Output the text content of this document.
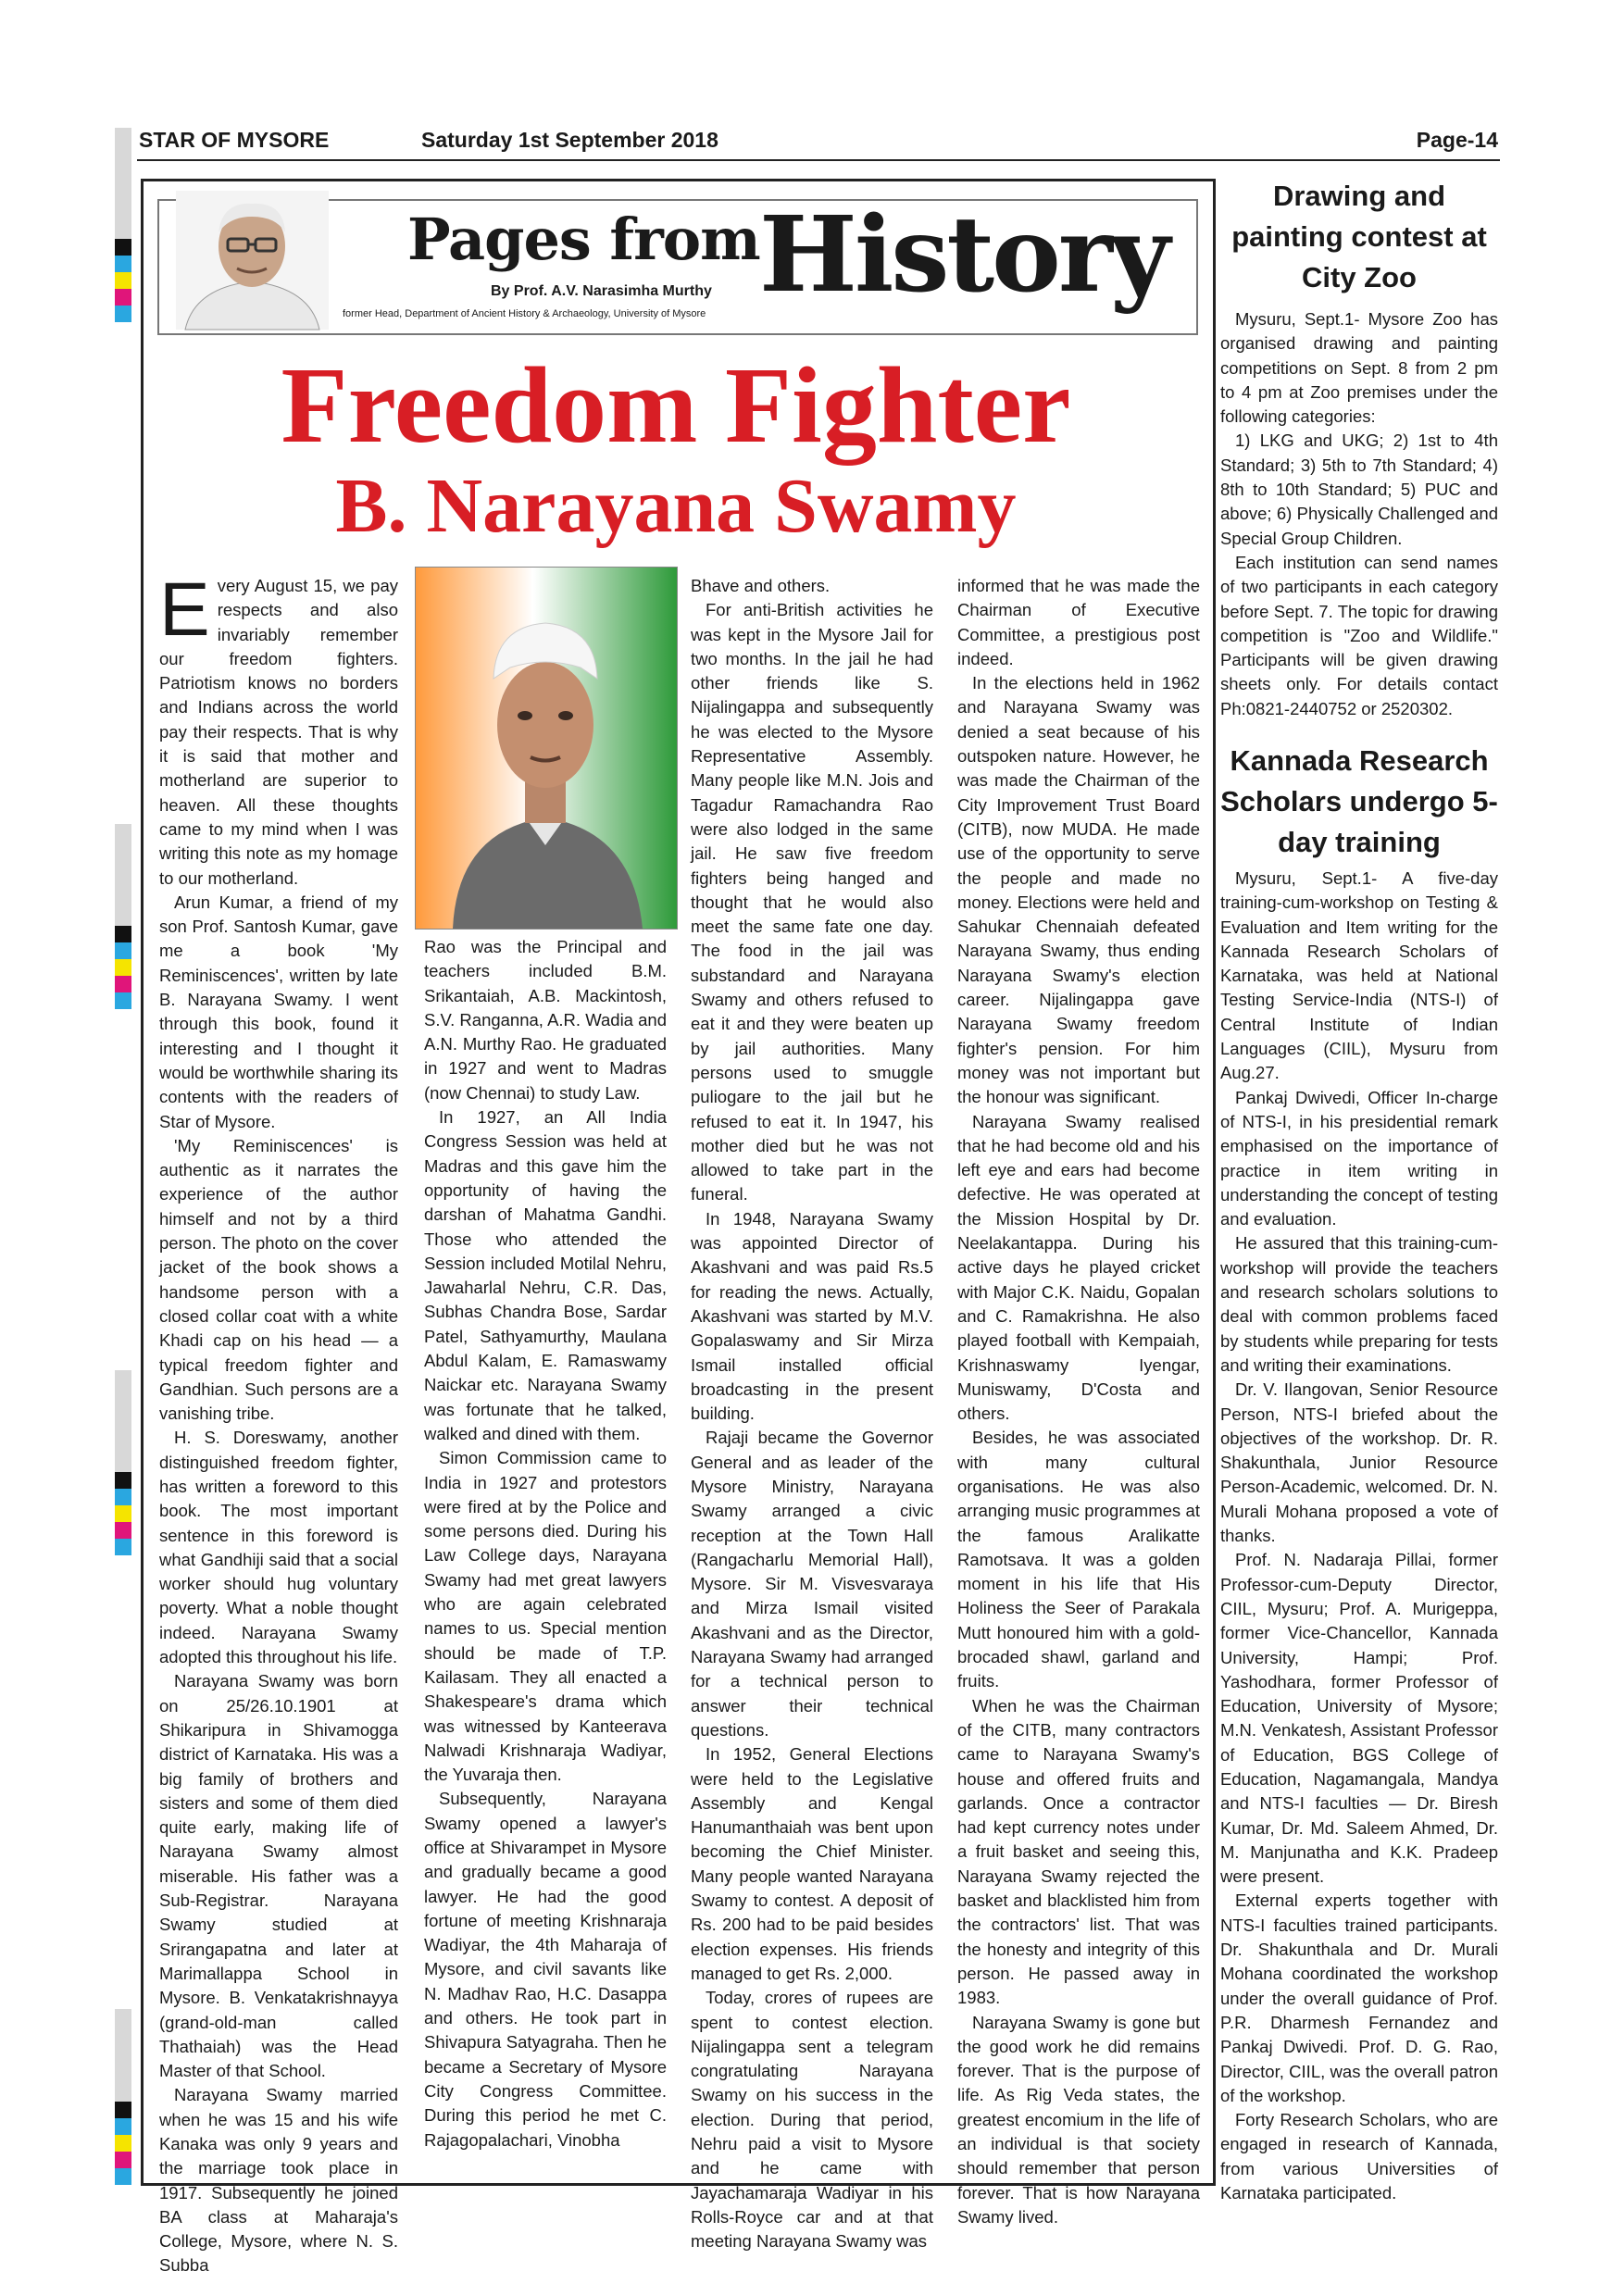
STAR OF MYSORE	Saturday 1st September 2018	Page-14
Pages from History
By Prof. A.V. Narasimha Murthy
former Head, Department of Ancient History & Archaeology, University of Mysore
Freedom Fighter
B. Narayana Swamy

Every August 15, we pay respects and also invariably remember our freedom fighters. Patriotism knows no borders and Indians across the world pay their respects. That is why it is said that mother and motherland are superior to heaven. All these thoughts came to my mind when I was writing this note as my homage to our motherland.

Arun Kumar, a friend of my son Prof. Santosh Kumar, gave me a book 'My Reminiscences', written by late B. Narayana Swamy. I went through this book, found it interesting and I thought it would be worthwhile sharing its contents with the readers of Star of Mysore.

'My Reminiscences' is authentic as it narrates the experience of the author himself and not by a third person. The photo on the cover jacket of the book shows a handsome person with a closed collar coat with a white Khadi cap on his head — a typical freedom fighter and Gandhian. Such persons are a vanishing tribe.

H. S. Doreswamy, another distinguished freedom fighter, has written a foreword to this book. The most important sentence in this foreword is what Gandhiji said that a social worker should hug voluntary poverty. What a noble thought indeed. Narayana Swamy adopted this throughout his life.

Narayana Swamy was born on 25/26.10.1901 at Shikaripura in Shivamogga district of Karnataka. His was a big family of brothers and sisters and some of them died quite early, making life of Narayana Swamy almost miserable. His father was a Sub-Registrar. Narayana Swamy studied at Srirangapatna and later at Marimallappa School in Mysore. B. Venkatakrishnayya (grand-old-man called Thathaiah) was the Head Master of that School.

Narayana Swamy married when he was 15 and his wife Kanaka was only 9 years and the marriage took place in 1917. Subsequently he joined BA class at Maharaja's College, Mysore, where N. S. Subba

Rao was the Principal and teachers included B.M. Srikantaiah, A.B. Mackintosh, S.V. Ranganna, A.R. Wadia and A.N. Murthy Rao. He graduated in 1927 and went to Madras (now Chennai) to study Law.

In 1927, an All India Congress Session was held at Madras and this gave him the opportunity of having the darshan of Mahatma Gandhi. Those who attended the Session included Motilal Nehru, Jawaharlal Nehru, C.R. Das, Subhas Chandra Bose, Sardar Patel, Sathyamurthy, Maulana Abdul Kalam, E. Ramaswamy Naickar etc. Narayana Swamy was fortunate that he talked, walked and dined with them.

Simon Commission came to India in 1927 and protestors were fired at by the Police and some persons died. During his Law College days, Narayana Swamy had met great lawyers who are again celebrated names to us. Special mention should be made of T.P. Kailasam. They all enacted a Shakespeare's drama which was witnessed by Kanteerava Nalwadi Krishnaraja Wadiyar, the Yuvaraja then.

Subsequently, Narayana Swamy opened a lawyer's office at Shivarampet in Mysore and gradually became a good lawyer. He had the good fortune of meeting Krishnaraja Wadiyar, the 4th Maharaja of Mysore, and civil savants like N. Madhav Rao, H.C. Dasappa and others. He took part in Shivapura Satyagraha. Then he became a Secretary of Mysore City Congress Committee. During this period he met C. Rajagopalachari, Vinobha

Bhave and others.

For anti-British activities he was kept in the Mysore Jail for two months. In the jail he had other friends like S. Nijalingappa and subsequently he was elected to the Mysore Representative Assembly. Many people like M.N. Jois and Tagadur Ramachandra Rao were also lodged in the same jail. He saw five freedom fighters being hanged and thought that he would also meet the same fate one day. The food in the jail was substandard and Narayana Swamy and others refused to eat it and they were beaten up by jail authorities. Many persons used to smuggle puliogare to the jail but he refused to eat it. In 1947, his mother died but he was not allowed to take part in the funeral.

In 1948, Narayana Swamy was appointed Director of Akashvani and was paid Rs.5 for reading the news. Actually, Akashvani was started by M.V. Gopalaswamy and Sir Mirza Ismail installed official broadcasting in the present building.

Rajaji became the Governor General and as leader of the Mysore Ministry, Narayana Swamy arranged a civic reception at the Town Hall (Rangacharlu Memorial Hall), Mysore. Sir M. Visvesvaraya and Mirza Ismail visited Akashvani and as the Director, Narayana Swamy had arranged for a technical person to answer their technical questions.

In 1952, General Elections were held to the Legislative Assembly and Kengal Hanumanthaiah was bent upon becoming the Chief Minister. Many people wanted Narayana Swamy to contest. A deposit of Rs. 200 had to be paid besides election expenses. His friends managed to get Rs. 2,000.

Today, crores of rupees are spent to contest election. Nijalingappa sent a telegram congratulating Narayana Swamy on his success in the election. During that period, Nehru paid a visit to Mysore and he came with Jayachamaraja Wadiyar in his Rolls-Royce car and at that meeting Narayana Swamy was

informed that he was made the Chairman of Executive Committee, a prestigious post indeed.

In the elections held in 1962 and Narayana Swamy was denied a seat because of his outspoken nature. However, he was made the Chairman of the City Improvement Trust Board (CITB), now MUDA. He made use of the opportunity to serve the people and made no money. Elections were held and Sahukar Chennaiah defeated Narayana Swamy, thus ending Narayana Swamy's election career. Nijalingappa gave Narayana Swamy freedom fighter's pension. For him money was not important but the honour was significant.

Narayana Swamy realised that he had become old and his left eye and ears had become defective. He was operated at the Mission Hospital by Dr. Neelakantappa. During his active days he played cricket with Major C.K. Naidu, Gopalan and C. Ramakrishna. He also played football with Kempaiah, Krishnaswamy Iyengar, Muniswamy, D'Costa and others.

Besides, he was associated with many cultural organisations. He was also arranging music programmes at the famous Aralikatte Ramotsava. It was a golden moment in his life that His Holiness the Seer of Parakala Mutt honoured him with a gold-brocaded shawl, garland and fruits.

When he was the Chairman of the CITB, many contractors came to Narayana Swamy's house and offered fruits and garlands. Once a contractor had kept currency notes under a fruit basket and seeing this, Narayana Swamy rejected the basket and blacklisted him from the contractors' list. That was the honesty and integrity of this person. He passed away in 1983.

Narayana Swamy is gone but the good work he did remains forever. That is the purpose of life. As Rig Veda states, the greatest encomium in the life of an individual is that society should remember that person forever. That is how Narayana Swamy lived.

Drawing and painting contest at City Zoo

Mysuru, Sept.1- Mysore Zoo has organised drawing and painting competitions on Sept. 8 from 2 pm to 4 pm at Zoo premises under the following categories:

1) LKG and UKG; 2) 1st to 4th Standard; 3) 5th to 7th Standard; 4) 8th to 10th Standard; 5) PUC and above; 6) Physically Challenged and Special Group Children.

Each institution can send names of two participants in each category before Sept. 7. The topic for drawing competition is "Zoo and Wildlife." Participants will be given drawing sheets only. For details contact Ph:0821-2440752 or 2520302.

Kannada Research Scholars undergo 5-day training

Mysuru, Sept.1- A five-day training-cum-workshop on Testing & Evaluation and Item writing for the Kannada Research Scholars of Karnataka, was held at National Testing Service-India (NTS-I) of Central Institute of Indian Languages (CIIL), Mysuru from Aug.27.

Pankaj Dwivedi, Officer In-charge of NTS-I, in his presidential remark emphasised on the importance of practice in item writing in understanding the concept of testing and evaluation.

He assured that this training-cum-workshop will provide the teachers and research scholars solutions to deal with common problems faced by students while preparing for tests and writing their examinations.

Dr. V. Ilangovan, Senior Resource Person, NTS-I briefed about the objectives of the workshop. Dr. R. Shakunthala, Junior Resource Person-Academic, welcomed. Dr. N. Murali Mohana proposed a vote of thanks.

Prof. N. Nadaraja Pillai, former Professor-cum-Deputy Director, CIIL, Mysuru; Prof. A. Murigeppa, former Vice-Chancellor, Kannada University, Hampi; Prof. Yashodhara, former Professor of Education, University of Mysore; M.N. Venkatesh, Assistant Professor of Education, BGS College of Education, Nagamangala, Mandya and NTS-I faculties — Dr. Biresh Kumar, Dr. Md. Saleem Ahmed, Dr. M. Manjunatha and K.K. Pradeep were present.

External experts together with NTS-I faculties trained participants. Dr. Shakunthala and Dr. Murali Mohana coordinated the workshop under the overall guidance of Prof. P.R. Dharmesh Fernandez and Pankaj Dwivedi. Prof. D. G. Rao, Director, CIIL, was the overall patron of the workshop.

Forty Research Scholars, who are engaged in research of Kannada, from various Universities of Karnataka participated.
